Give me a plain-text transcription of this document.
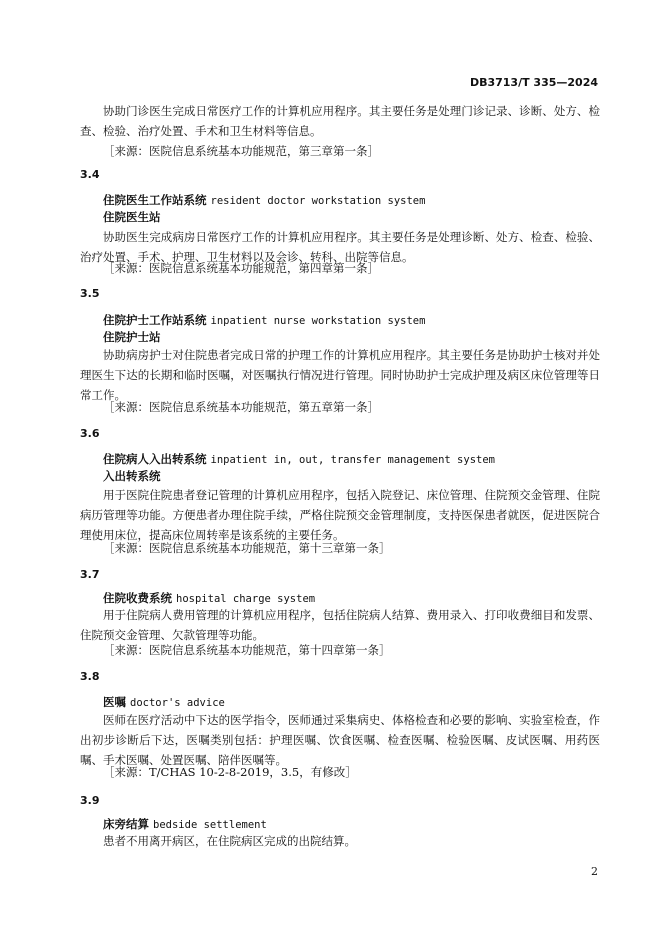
DB3713/T 335—2024
协助门诊医生完成日常医疗工作的计算机应用程序。其主要任务是处理门诊记录、诊断、处方、检查、检验、治疗处置、手术和卫生材料等信息。
［来源：医院信息系统基本功能规范，第三章第一条］
3.4
住院医生工作站系统 resident doctor workstation system
住院医生站
协助医生完成病房日常医疗工作的计算机应用程序。其主要任务是处理诊断、处方、检查、检验、治疗处置、手术、护理、卫生材料以及会诊、转科、出院等信息。
［来源：医院信息系统基本功能规范，第四章第一条］
3.5
住院护士工作站系统 inpatient nurse workstation system
住院护士站
协助病房护士对住院患者完成日常的护理工作的计算机应用程序。其主要任务是协助护士核对并处理医生下达的长期和临时医嘱，对医嘱执行情况进行管理。同时协助护士完成护理及病区床位管理等日常工作。
［来源：医院信息系统基本功能规范，第五章第一条］
3.6
住院病人入出转系统 inpatient in, out, transfer management system
入出转系统
用于医院住院患者登记管理的计算机应用程序，包括入院登记、床位管理、住院预交金管理、住院病历管理等功能。方便患者办理住院手续，严格住院预交金管理制度，支持医保患者就医，促进医院合理使用床位，提高床位周转率是该系统的主要任务。
［来源：医院信息系统基本功能规范，第十三章第一条］
3.7
住院收费系统 hospital charge system
用于住院病人费用管理的计算机应用程序，包括住院病人结算、费用录入、打印收费细目和发票、住院预交金管理、欠款管理等功能。
［来源：医院信息系统基本功能规范，第十四章第一条］
3.8
医嘱 doctor's advice
医师在医疗活动中下达的医学指令，医师通过采集病史、体格检查和必要的影响、实验室检查，作出初步诊断后下达，医嘱类别包括：护理医嘱、饮食医嘱、检查医嘱、检验医嘱、皮试医嘱、用药医嘱、手术医嘱、处置医嘱、陪伴医嘱等。
［来源：T/CHAS 10-2-8-2019，3.5，有修改］
3.9
床旁结算 bedside settlement
患者不用离开病区，在住院病区完成的出院结算。
2
